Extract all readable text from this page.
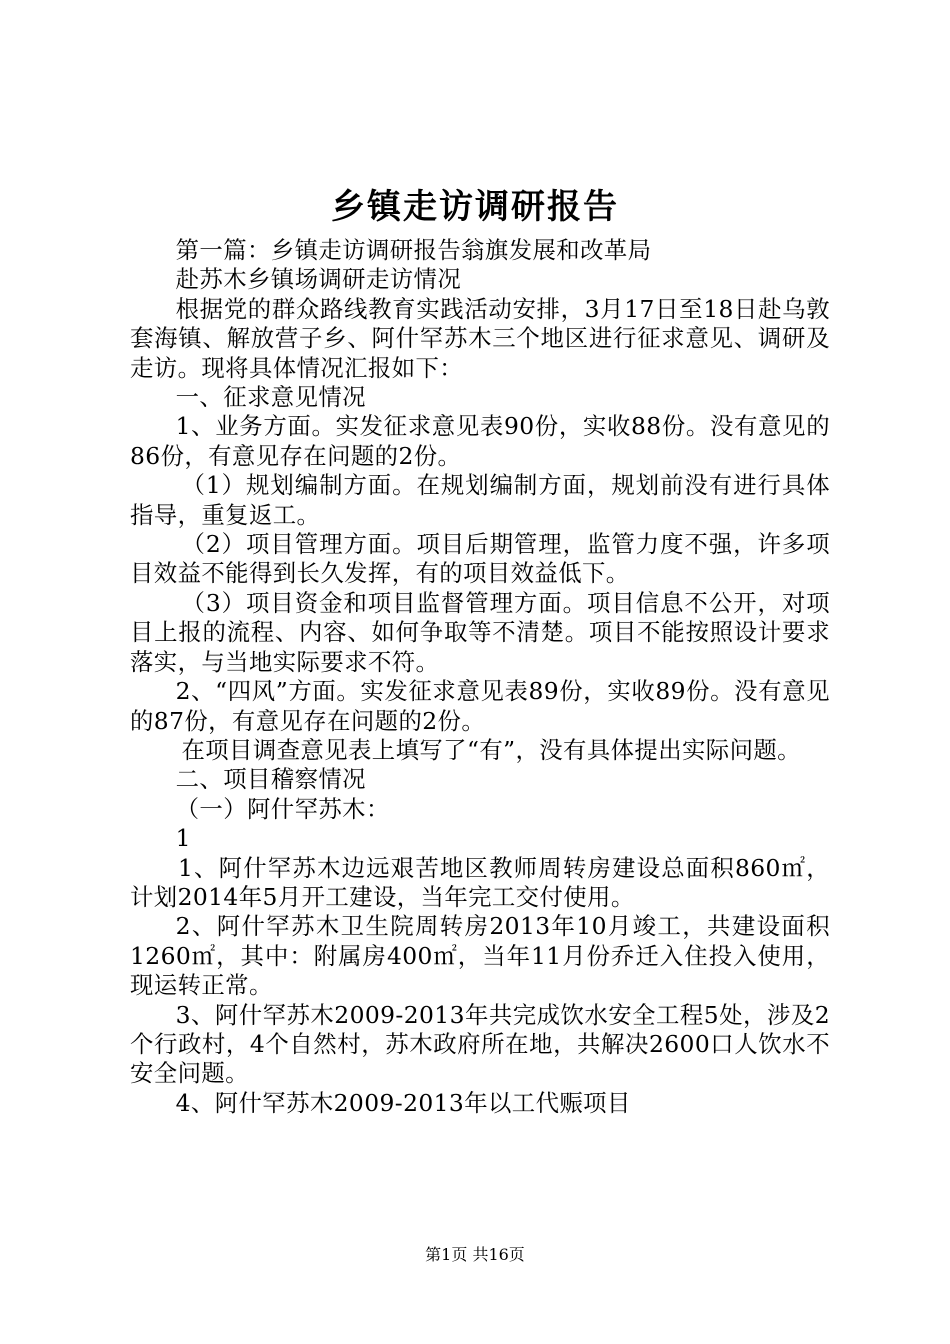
乡镇走访调研报告

第一篇：乡镇走访调研报告翁旗发展和改革局

赴苏木乡镇场调研走访情况

根据党的群众路线教育实践活动安排，3月17日至18日赴乌敦套海镇、解放营子乡、阿什罕苏木三个地区进行征求意见、调研及走访。现将具体情况汇报如下：

一、征求意见情况

1、业务方面。实发征求意见表90份，实收88份。没有意见的86份，有意见存在问题的2份。

（1）规划编制方面。在规划编制方面，规划前没有进行具体指导，重复返工。

（2）项目管理方面。项目后期管理，监管力度不强，许多项目效益不能得到长久发挥，有的项目效益低下。

（3）项目资金和项目监督管理方面。项目信息不公开，对项目上报的流程、内容、如何争取等不清楚。项目不能按照设计要求落实，与当地实际要求不符。

2、“四风”方面。实发征求意见表89份，实收89份。没有意见的87份，有意见存在问题的2份。

在项目调查意见表上填写了“有”，没有具体提出实际问题。

二、项目稽察情况

（一）阿什罕苏木：

1

1、阿什罕苏木边远艰苦地区教师周转房建设总面积860㎡，计划2014年5月开工建设，当年完工交付使用。

2、阿什罕苏木卫生院周转房2013年10月竣工，共建设面积1260㎡，其中：附属房400㎡，当年11月份乔迁入住投入使用，现运转正常。

3、阿什罕苏木2009-2013年共完成饮水安全工程5处，涉及2个行政村，4个自然村，苏木政府所在地，共解决2600口人饮水不安全问题。

4、阿什罕苏木2009-2013年以工代赈项目

第1页 共16页
